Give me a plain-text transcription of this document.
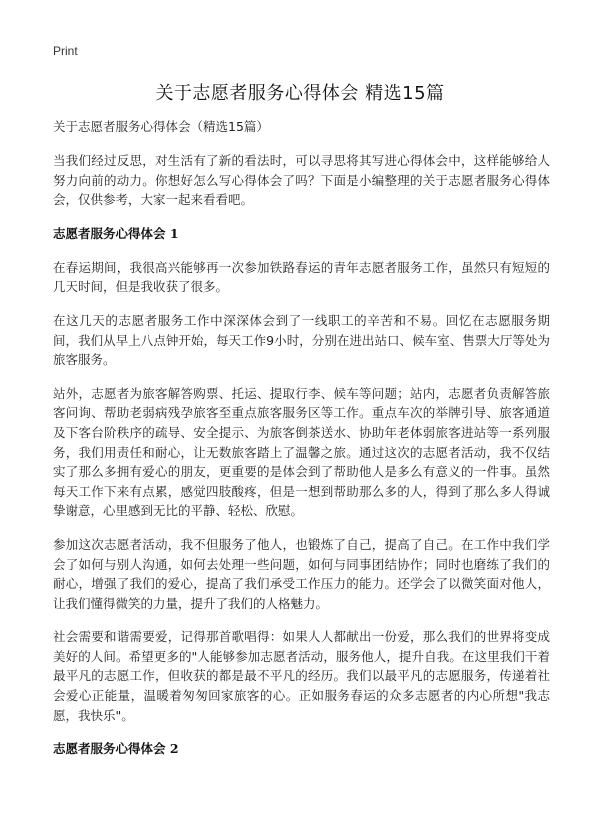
Print
关于志愿者服务心得体会 精选15篇

关于志愿者服务心得体会（精选15篇）

当我们经过反思，对生活有了新的看法时，可以寻思将其写进心得体会中，这样能够给人努力向前的动力。你想好怎么写心得体会了吗？下面是小编整理的关于志愿者服务心得体会，仅供参考，大家一起来看看吧。

志愿者服务心得体会 1

在春运期间，我很高兴能够再一次参加铁路春运的青年志愿者服务工作，虽然只有短短的几天时间，但是我收获了很多。

在这几天的志愿者服务工作中深深体会到了一线职工的辛苦和不易。回忆在志愿服务期间，我们从早上八点钟开始，每天工作9小时，分别在进出站口、候车室、售票大厅等处为旅客服务。

站外，志愿者为旅客解答购票、托运、提取行李、候车等问题；站内，志愿者负责解答旅客问询、帮助老弱病残孕旅客至重点旅客服务区等工作。重点车次的举牌引导、旅客通道及下客台阶秩序的疏导、安全提示、为旅客倒茶送水、协助年老体弱旅客进站等一系列服务，我们用责任和耐心，让无数旅客踏上了温馨之旅。通过这次的志愿者活动，我不仅结实了那么多拥有爱心的朋友，更重要的是体会到了帮助他人是多么有意义的一件事。虽然每天工作下来有点累，感觉四肢酸疼，但是一想到帮助那么多的人，得到了那么多人得诚挚谢意，心里感到无比的平静、轻松、欣慰。

参加这次志愿者活动，我不但服务了他人，也锻炼了自己，提高了自己。在工作中我们学会了如何与别人沟通，如何去处理一些问题，如何与同事团结协作；同时也磨练了我们的耐心，增强了我们的爱心，提高了我们承受工作压力的能力。还学会了以微笑面对他人，让我们懂得微笑的力量，提升了我们的人格魅力。

社会需要和谐需要爱，记得那首歌唱得：如果人人都献出一份爱，那么我们的世界将变成美好的人间。希望更多的"人能够参加志愿者活动，服务他人，提升自我。在这里我们干着最平凡的志愿工作，但收获的都是最不平凡的经历。我们以最平凡的志愿服务，传递着社会爱心正能量，温暖着匆匆回家旅客的心。正如服务春运的众多志愿者的内心所想"我志愿，我快乐"。

志愿者服务心得体会 2
